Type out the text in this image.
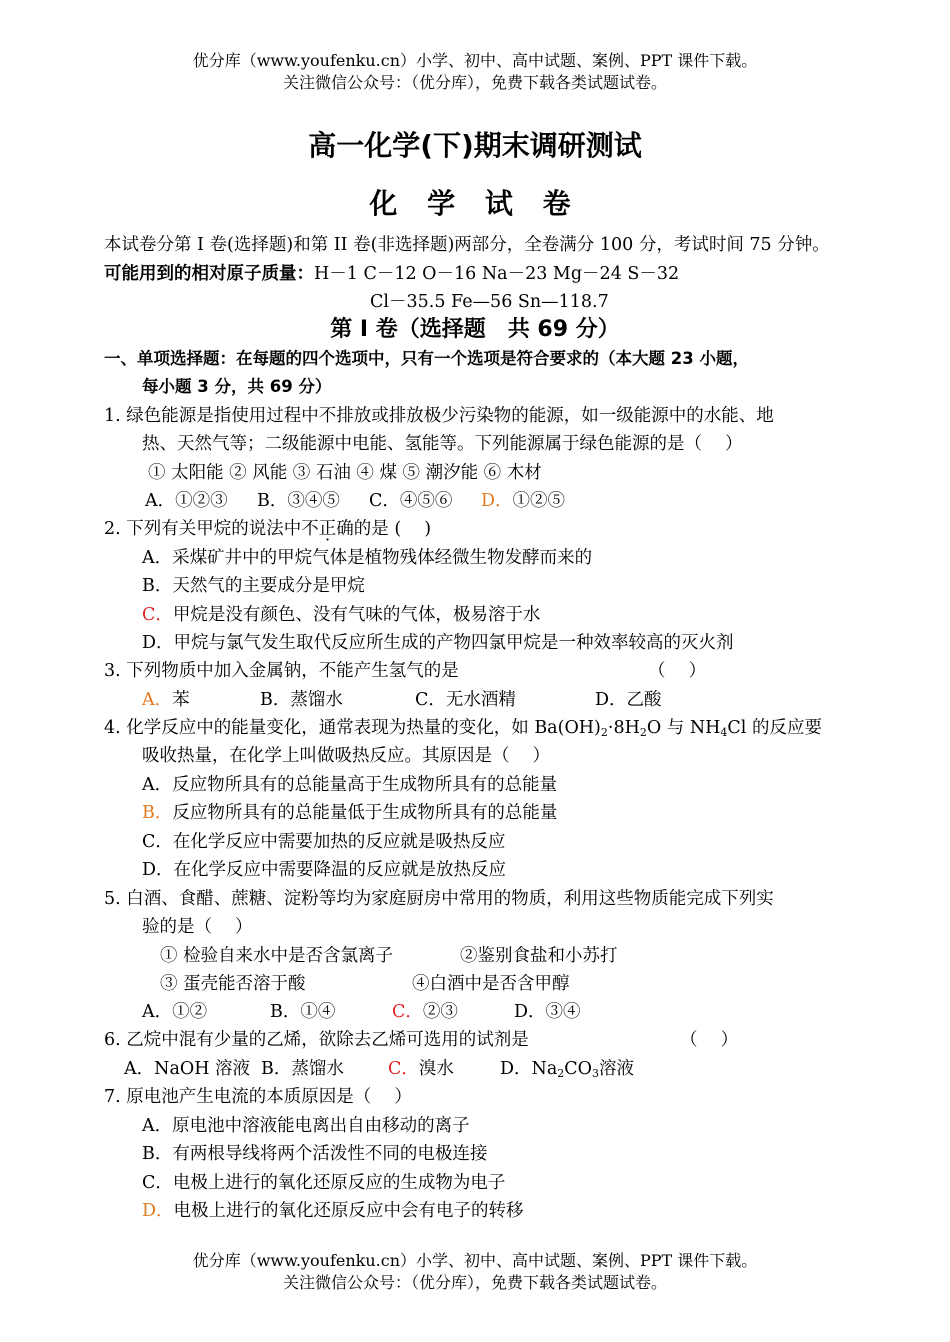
优分库（www.youfenku.cn）小学、初中、高中试题、案例、PPT 课件下载。
关注微信公众号：（优分库），免费下载各类试题试卷。
高一化学(下)期末调研测试
化 学 试 卷
本试卷分第 I 卷(选择题)和第 II 卷(非选择题)两部分，全卷满分 100 分，考试时间 75 分钟。
可能用到的相对原子质量：H－1 C－12 O－16 Na－23 Mg－24 S－32
Cl－35.5 Fe—56 Sn—118.7
第 I 卷（选择题　共 69 分）
一、单项选择题：在每题的四个选项中，只有一个选项是符合要求的（本大题 23 小题，
每小题 3 分，共 69 分）
1. 绿色能源是指使用过程中不排放或排放极少污染物的能源，如一级能源中的水能、地
热、天然气等；二级能源中电能、氢能等。下列能源属于绿色能源的是（　 ）
① 太阳能 ② 风能 ③ 石油 ④ 煤 ⑤ 潮汐能 ⑥ 木材
A．①②③ B．③④⑤ C．④⑤⑥ D．①②⑤
2. 下列有关甲烷的说法中不正确的是 (　 )
A．采煤矿井中的甲烷气体是植物残体经微生物发酵而来的
B．天然气的主要成分是甲烷
C．甲烷是没有颜色、没有气味的气体，极易溶于水
D．甲烷与氯气发生取代反应所生成的产物四氯甲烷是一种效率较高的灭火剂
3. 下列物质中加入金属钠，不能产生氢气的是	（　 ）
A．苯	B．蒸馏水	C．无水酒精	D．乙酸
4. 化学反应中的能量变化，通常表现为热量的变化，如 $Ba(OH)_2\cdot 8H_2O$ 与 $NH_4Cl$ 的反应要
吸收热量，在化学上叫做吸热反应。其原因是（　 ）
A．反应物所具有的总能量高于生成物所具有的总能量
B．反应物所具有的总能量低于生成物所具有的总能量
C．在化学反应中需要加热的反应就是吸热反应
D．在化学反应中需要降温的反应就是放热反应
5. 白酒、食醋、蔗糖、淀粉等均为家庭厨房中常用的物质，利用这些物质能完成下列实
验的是（　 ）
① 检验自来水中是否含氯离子	②鉴别食盐和小苏打
③ 蛋壳能否溶于酸	④白酒中是否含甲醇
A．①②	B．①④	C．②③	D．③④
6. 乙烷中混有少量的乙烯，欲除去乙烯可选用的试剂是	（　 ）
A．NaOH 溶液 B．蒸馏水	C．溴水	D．$Na_2CO_3$溶液
7. 原电池产生电流的本质原因是（　 ）
A．原电池中溶液能电离出自由移动的离子
B．有两根导线将两个活泼性不同的电极连接
C．电极上进行的氧化还原反应的生成物为电子
D．电极上进行的氧化还原反应中会有电子的转移
优分库（www.youfenku.cn）小学、初中、高中试题、案例、PPT 课件下载。
关注微信公众号：（优分库），免费下载各类试题试卷。
